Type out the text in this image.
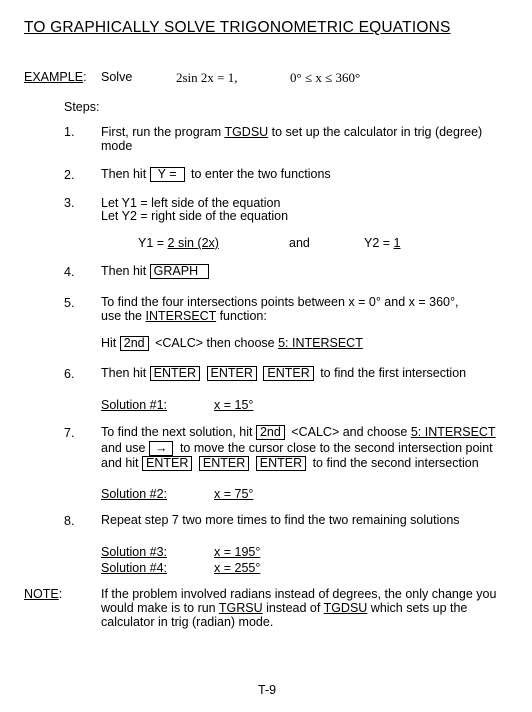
TO GRAPHICALLY SOLVE TRIGONOMETRIC EQUATIONS
EXAMPLE: Solve	2sin 2x = 1,	0° ≤ x ≤ 360°
Steps:
1. First, run the program TGDSU to set up the calculator in trig (degree)
mode
2. Then hit Y = to enter the two functions
3. Let Y1 = left side of the equation
Let Y2 = right side of the equation
Y1 = 2 sin (2x)	and	Y2 = 1
4. Then hit GRAPH
5. To find the four intersections points between x = 0° and x = 360°,
use the INTERSECT function:
Hit 2nd <CALC> then choose 5: INTERSECT
6. Then hit ENTER ENTER ENTER to find the first intersection
Solution #1:	x = 15°
7. To find the next solution, hit 2nd <CALC> and choose 5: INTERSECT
and use → to move the cursor close to the second intersection point
and hit ENTER ENTER ENTER to find the second intersection
Solution #2:	x = 75°
8. Repeat step 7 two more times to find the two remaining solutions
Solution #3:	x = 195°
Solution #4:	x = 255°
NOTE:	If the problem involved radians instead of degrees, the only change you
would make is to run TGRSU instead of TGDSU which sets up the
calculator in trig (radian) mode.
T-9
